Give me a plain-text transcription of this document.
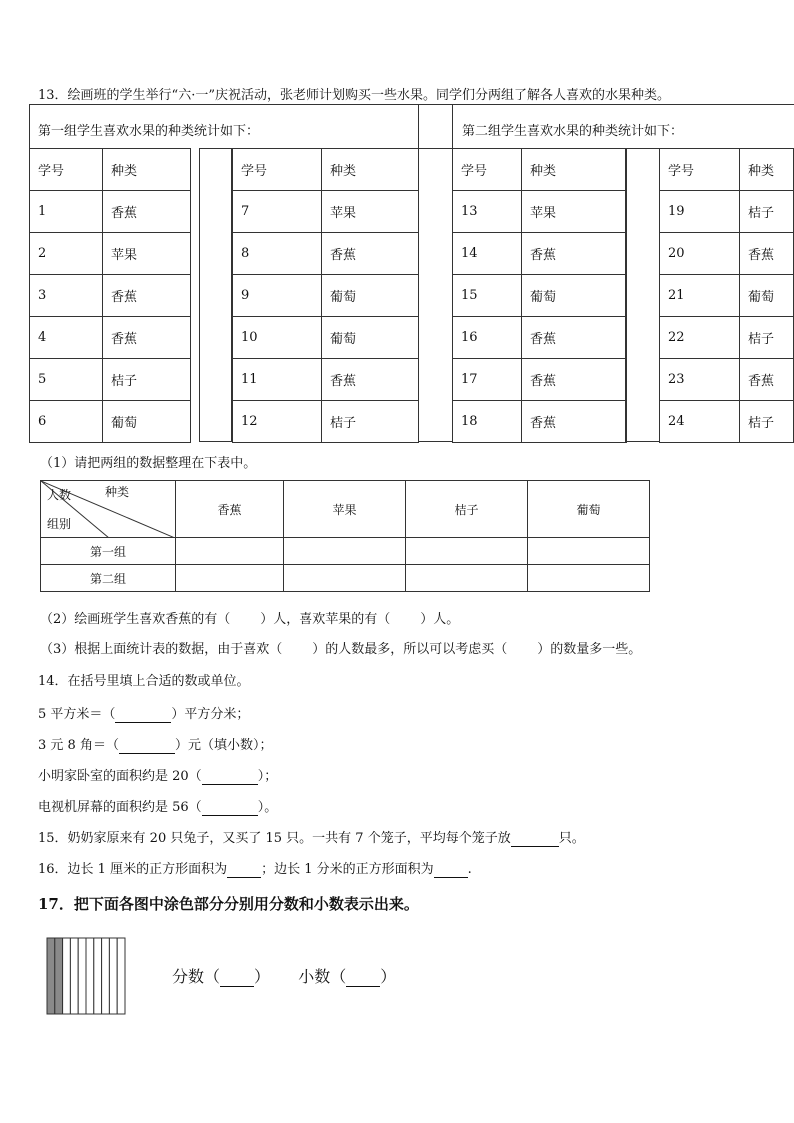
13．绘画班的学生举行“六·一”庆祝活动，张老师计划购买一些水果。同学们分两组了解各人喜欢的水果种类。
第一组学生喜欢水果的种类统计如下：	第二组学生喜欢水果的种类统计如下：
学号	种类
1	香蕉
2	苹果
3	香蕉
4	香蕉
5	桔子
6	葡萄
学号	种类
7	苹果
8	香蕉
9	葡萄
10	葡萄
11	香蕉
12	桔子
学号	种类
13	苹果
14	香蕉
15	葡萄
16	香蕉
17	香蕉
18	香蕉
学号	种类
19	桔子
20	香蕉
21	葡萄
22	桔子
23	香蕉
24	桔子
（1）请把两组的数据整理在下表中。
人数 种类
组别	香蕉	苹果	桔子	葡萄
第一组				
第二组				
（2）绘画班学生喜欢香蕉的有（ ）人，喜欢苹果的有（ ）人。
（3）根据上面统计表的数据，由于喜欢（ ）的人数最多，所以可以考虑买（ ）的数量多一些。
14．在括号里填上合适的数或单位。
5 平方米＝（	）平方分米；
3 元 8 角＝（	）元（填小数）；
小明家卧室的面积约是 20（	）；
电视机屏幕的面积约是 56（	）。
15．奶奶家原来有 20 只兔子，又买了 15 只。一共有 7 个笼子，平均每个笼子放	只。
16．边长 1 厘米的正方形面积为	；边长 1 分米的正方形面积为	.
17．把下面各图中涂色部分分别用分数和小数表示出来。
分数（ ） 小数（ ）
